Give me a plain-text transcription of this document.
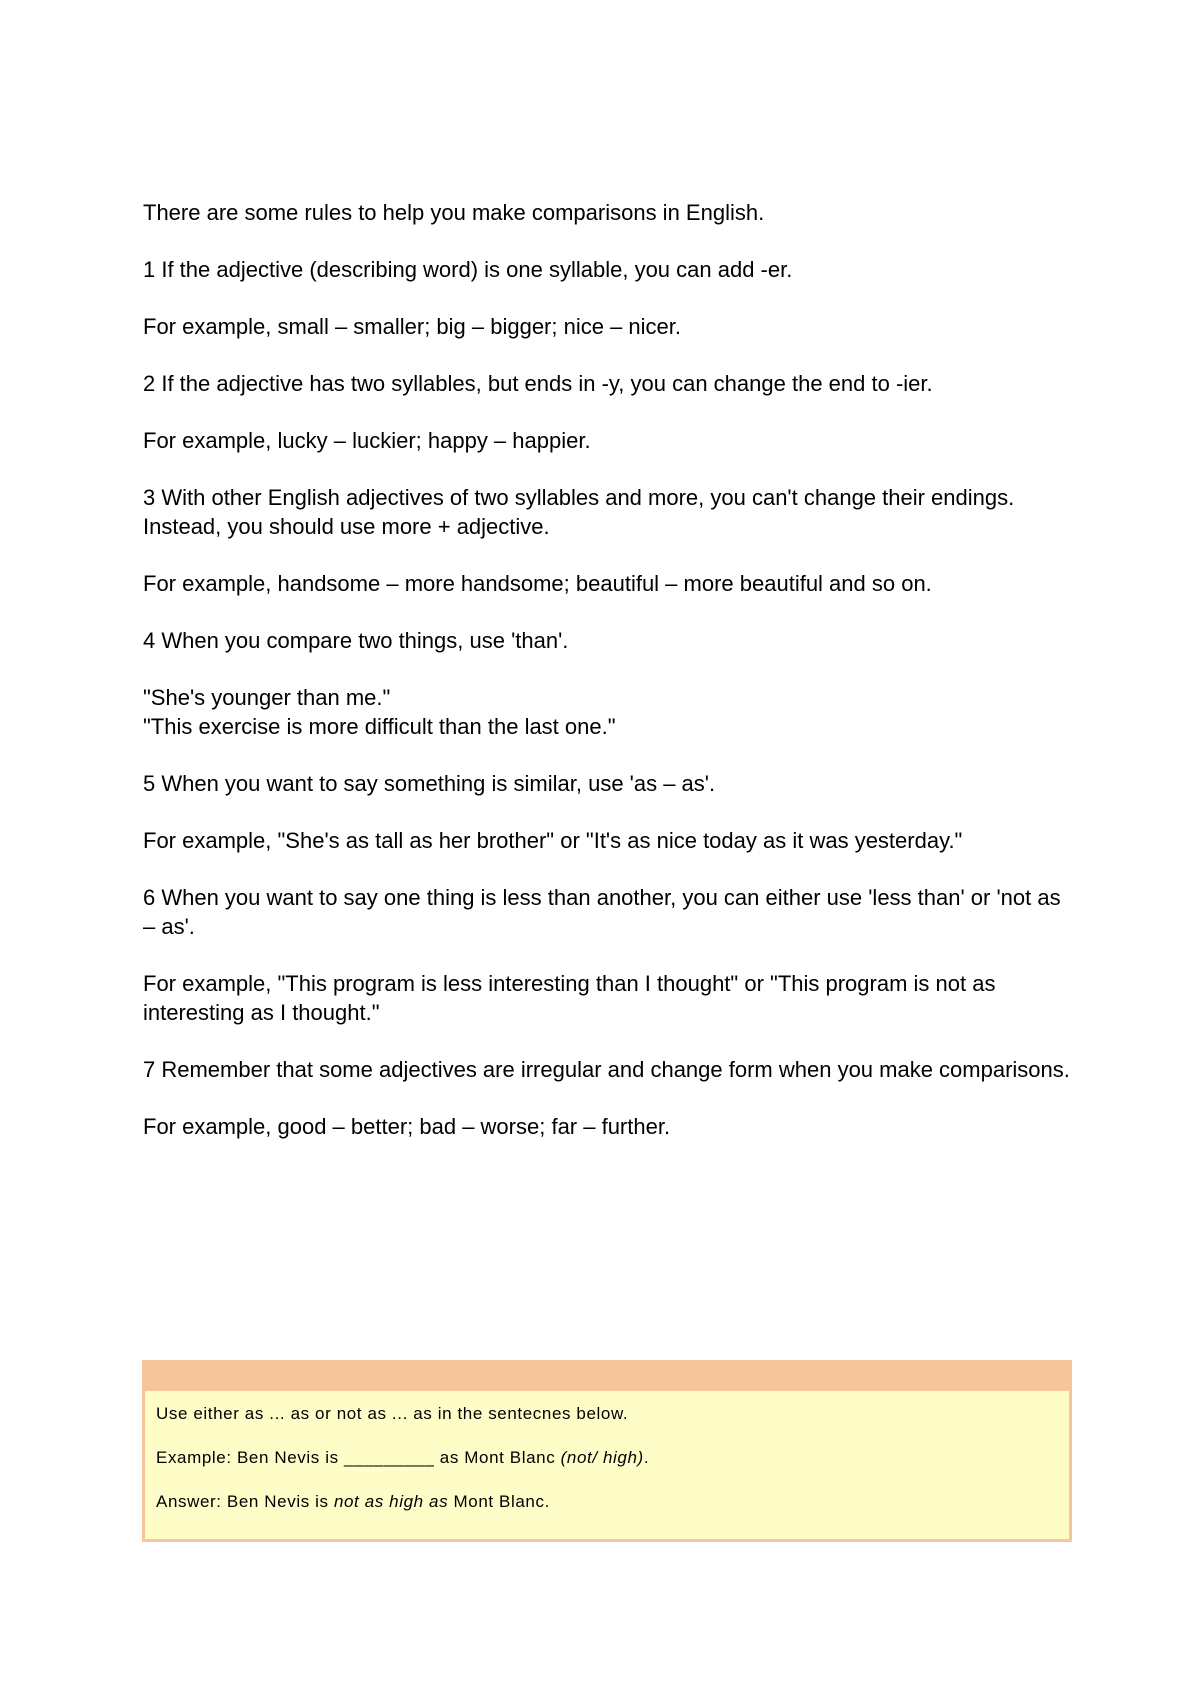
There are some rules to help you make comparisons in English.

1 If the adjective (describing word) is one syllable, you can add -er.

For example, small – smaller; big – bigger; nice – nicer.

2 If the adjective has two syllables, but ends in -y, you can change the end to -ier.

For example, lucky – luckier; happy – happier.

3 With other English adjectives of two syllables and more, you can't change their endings. Instead, you should use more + adjective.

For example, handsome – more handsome; beautiful – more beautiful and so on.

4 When you compare two things, use 'than'.

"She's younger than me."

"This exercise is more difficult than the last one."

5 When you want to say something is similar, use 'as – as'.

For example, "She's as tall as her brother" or "It's as nice today as it was yesterday."

6 When you want to say one thing is less than another, you can either use 'less than' or 'not as – as'.

For example, "This program is less interesting than I thought" or "This program is not as interesting as I thought."

7 Remember that some adjectives are irregular and change form when you make comparisons.

For example, good – better; bad – worse; far – further.

Use either as ... as or not as ... as in the sentecnes below.

Example: Ben Nevis is _________ as Mont Blanc (not/ high).

Answer: Ben Nevis is not as high as Mont Blanc.
